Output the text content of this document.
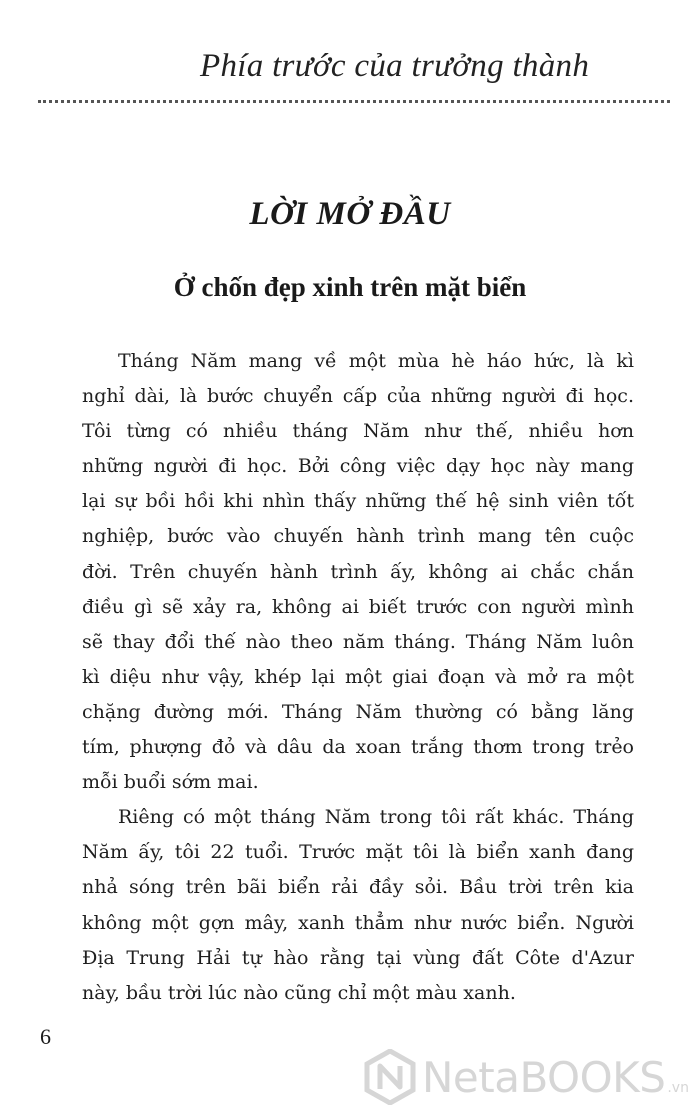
Phía trước của trưởng thành
LỜI MỞ ĐẦU
Ở chốn đẹp xinh trên mặt biển

Tháng Năm mang về một mùa hè háo hức, là kì
nghỉ dài, là bước chuyển cấp của những người đi học.
Tôi từng có nhiều tháng Năm như thế, nhiều hơn
những người đi học. Bởi công việc dạy học này mang
lại sự bồi hồi khi nhìn thấy những thế hệ sinh viên tốt
nghiệp, bước vào chuyến hành trình mang tên cuộc
đời. Trên chuyến hành trình ấy, không ai chắc chắn
điều gì sẽ xảy ra, không ai biết trước con người mình
sẽ thay đổi thế nào theo năm tháng. Tháng Năm luôn
kì diệu như vậy, khép lại một giai đoạn và mở ra một
chặng đường mới. Tháng Năm thường có bằng lăng
tím, phượng đỏ và dâu da xoan trắng thơm trong trẻo
mỗi buổi sớm mai.

Riêng có một tháng Năm trong tôi rất khác. Tháng
Năm ấy, tôi 22 tuổi. Trước mặt tôi là biển xanh đang
nhả sóng trên bãi biển rải đầy sỏi. Bầu trời trên kia
không một gợn mây, xanh thẳm như nước biển. Người
Địa Trung Hải tự hào rằng tại vùng đất Côte d'Azur
này, bầu trời lúc nào cũng chỉ một màu xanh.

6
NetaBOOKS .vn
